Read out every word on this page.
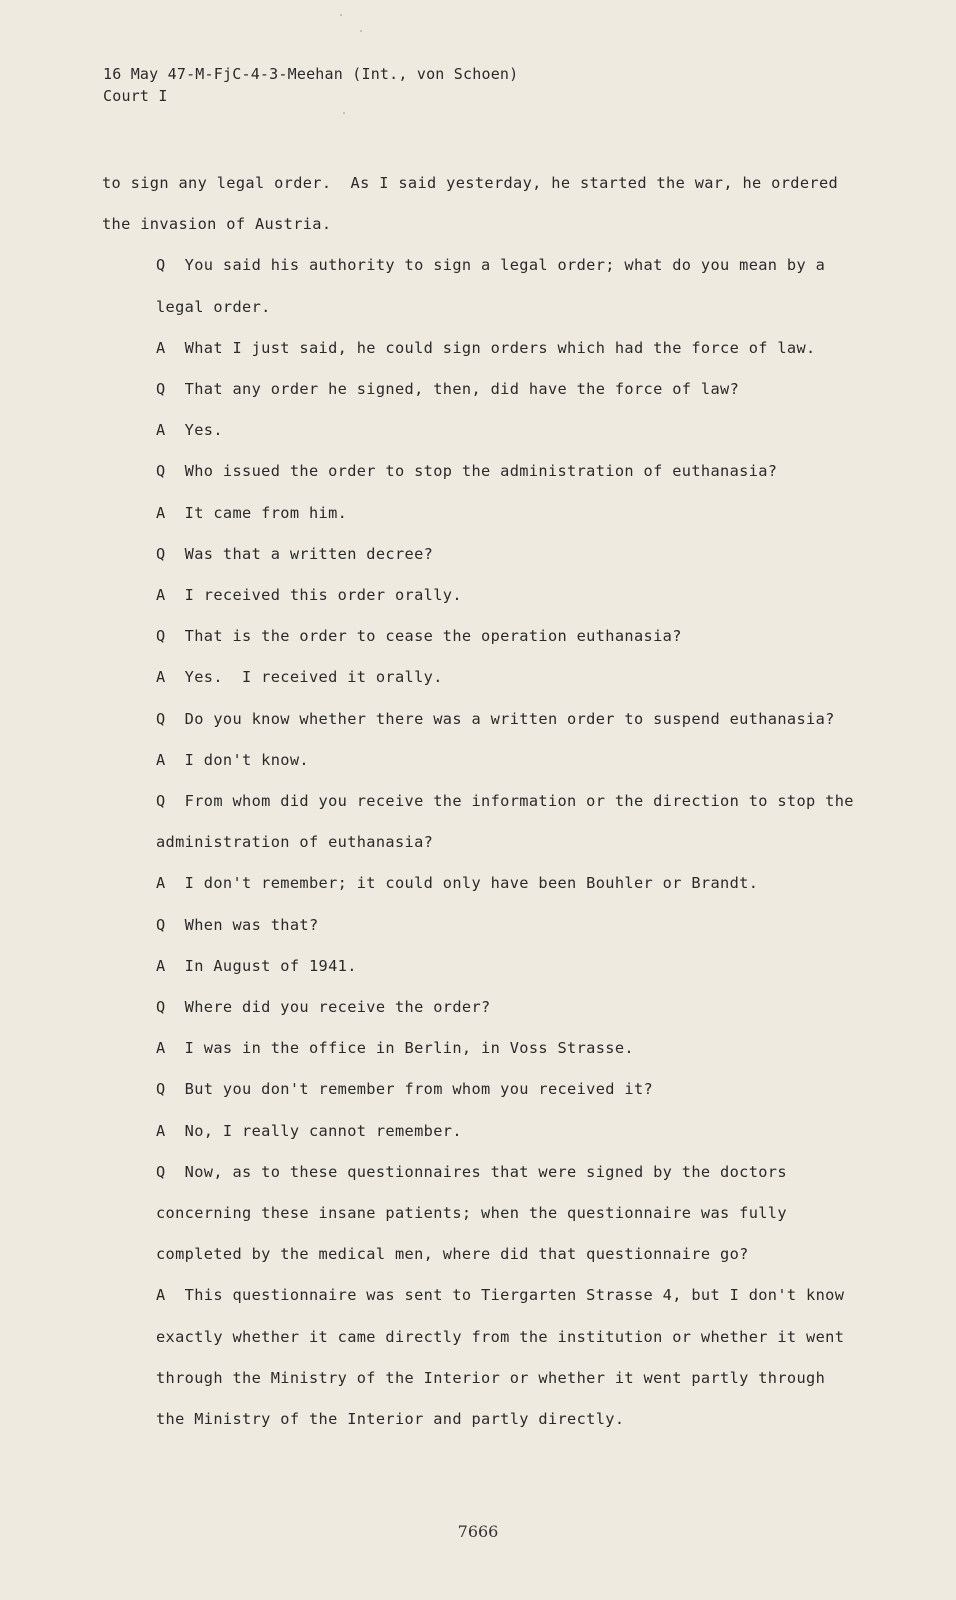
16 May 47-M-FjC-4-3-Meehan (Int., von Schoen)
Court I

to sign any legal order.  As I said yesterday, he started the war, he ordered the invasion of Austria.

Q  You said his authority to sign a legal order; what do you mean by a legal order.

A  What I just said, he could sign orders which had the force of law.

Q  That any order he signed, then, did have the force of law?

A  Yes.

Q  Who issued the order to stop the administration of euthanasia?

A  It came from him.

Q  Was that a written decree?

A  I received this order orally.

Q  That is the order to cease the operation euthanasia?

A  Yes.  I received it orally.

Q  Do you know whether there was a written order to suspend euthanasia?

A  I don't know.

Q  From whom did you receive the information or the direction to stop the administration of euthanasia?

A  I don't remember; it could only have been Bouhler or Brandt.

Q  When was that?

A  In August of 1941.

Q  Where did you receive the order?

A  I was in the office in Berlin, in Voss Strasse.

Q  But you don't remember from whom you received it?

A  No, I really cannot remember.

Q  Now, as to these questionnaires that were signed by the doctors concerning these insane patients; when the questionnaire was fully completed by the medical men, where did that questionnaire go?

A  This questionnaire was sent to Tiergarten Strasse 4, but I don't know exactly whether it came directly from the institution or whether it went through the Ministry of the Interior or whether it went partly through the Ministry of the Interior and partly directly.

7666
